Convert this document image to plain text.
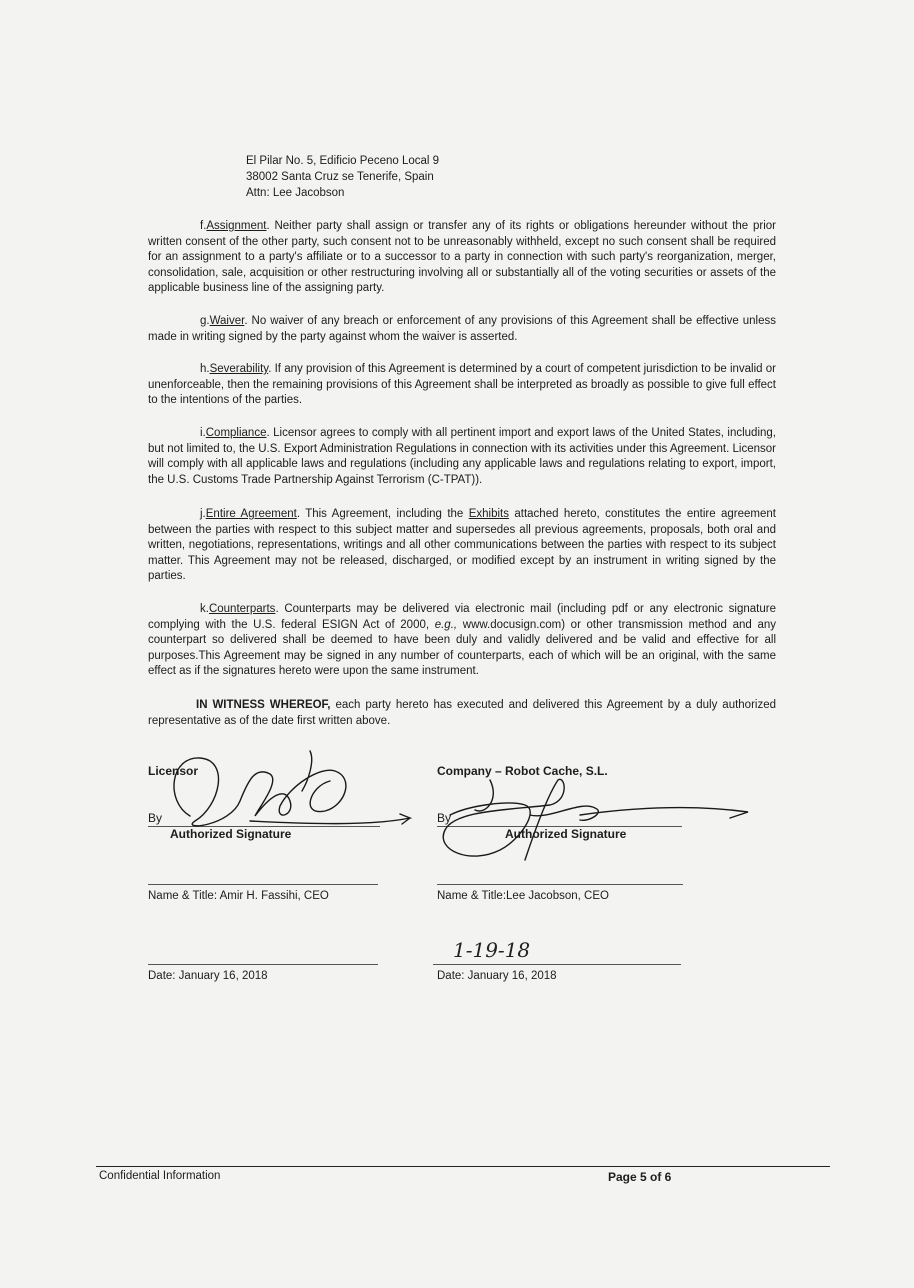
El Pilar No. 5, Edificio Peceno Local 9
38002 Santa Cruz se Tenerife, Spain
Attn: Lee Jacobson
f.Assignment. Neither party shall assign or transfer any of its rights or obligations hereunder without the prior written consent of the other party, such consent not to be unreasonably withheld, except no such consent shall be required for an assignment to a party's affiliate or to a successor to a party in connection with such party's reorganization, merger, consolidation, sale, acquisition or other restructuring involving all or substantially all of the voting securities or assets of the applicable business line of the assigning party.
g.Waiver. No waiver of any breach or enforcement of any provisions of this Agreement shall be effective unless made in writing signed by the party against whom the waiver is asserted.
h.Severability. If any provision of this Agreement is determined by a court of competent jurisdiction to be invalid or unenforceable, then the remaining provisions of this Agreement shall be interpreted as broadly as possible to give full effect to the intentions of the parties.
i.Compliance. Licensor agrees to comply with all pertinent import and export laws of the United States, including, but not limited to, the U.S. Export Administration Regulations in connection with its activities under this Agreement. Licensor will comply with all applicable laws and regulations (including any applicable laws and regulations relating to export, import, the U.S. Customs Trade Partnership Against Terrorism (C-TPAT)).
j.Entire Agreement. This Agreement, including the Exhibits attached hereto, constitutes the entire agreement between the parties with respect to this subject matter and supersedes all previous agreements, proposals, both oral and written, negotiations, representations, writings and all other communications between the parties with respect to its subject matter. This Agreement may not be released, discharged, or modified except by an instrument in writing signed by the parties.
k.Counterparts. Counterparts may be delivered via electronic mail (including pdf or any electronic signature complying with the U.S. federal ESIGN Act of 2000, e.g., www.docusign.com) or other transmission method and any counterpart so delivered shall be deemed to have been duly and validly delivered and be valid and effective for all purposes.This Agreement may be signed in any number of counterparts, each of which will be an original, with the same effect as if the signatures hereto were upon the same instrument.
IN WITNESS WHEREOF, each party hereto has executed and delivered this Agreement by a duly authorized representative as of the date first written above.
Licensor
By
Authorized Signature
Name & Title: Amir H. Fassihi, CEO
Date: January 16, 2018
Company – Robot Cache, S.L.
By
Authorized Signature
Name & Title:Lee Jacobson, CEO
1-19-18
Date: January 16, 2018
Confidential Information	Page 5 of 6
